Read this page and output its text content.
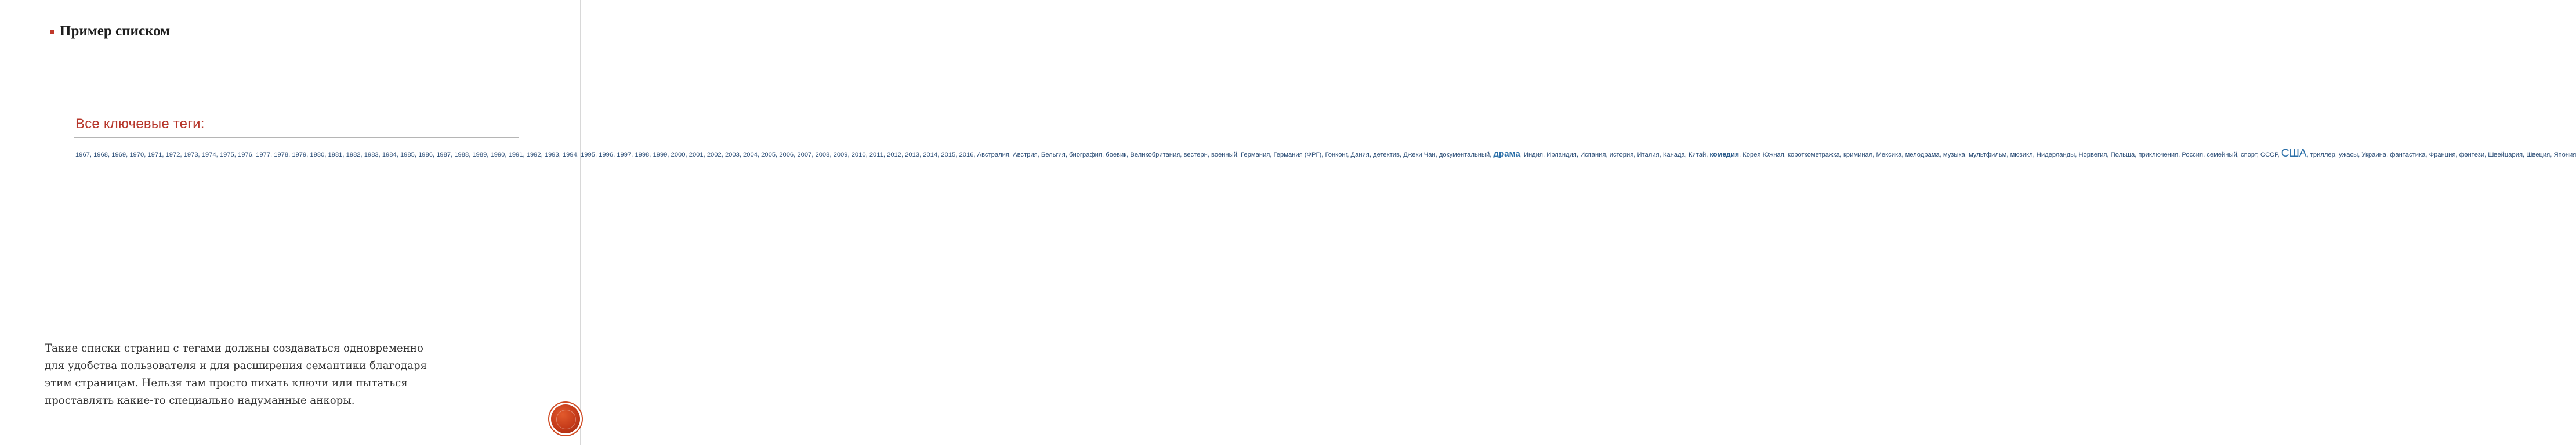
Пример списком
Все ключевые теги:
1967, 1968, 1969, 1970, 1971, 1972, 1973, 1974, 1975, 1976, 1977, 1978, 1979, 1980, 1981, 1982, 1983, 1984, 1985, 1986, 1987, 1988, 1989, 1990, 1991, 1992, 1993, 1994, 1995, 1996, 1997, 1998, 1999, 2000, 2001, 2002, 2003, 2004, 2005, 2006, 2007, 2008, 2009, 2010, 2011, 2012, 2013, 2014, 2015, 2016, Австралия, Австрия, Бельгия, биография, боевик, Великобритания, вестерн, военный, Германия, Германия (ФРГ), Гонконг, Дания, детектив, Джеки Чан, документальный, драма, Индия, Ирландия, Испания, история, Италия, Канада, Китай, комедия, Корея Южная, короткометражка, криминал, Мексика, мелодрама, музыка, мультфильм, мюзикл, Нидерланды, Норвегия, Польша, приключения, Россия, семейный, спорт, СССР, США, триллер, ужасы, Украина, фантастика, Франция, фэнтези, Швейцария, Швеция, Япония
Такие списки страниц с тегами должны создаваться одновременно
для удобства пользователя и для расширения семантики благодаря
этим страницам. Нельзя там просто пихать ключи или пытаться
проставлять какие-то специально надуманные анкоры.
